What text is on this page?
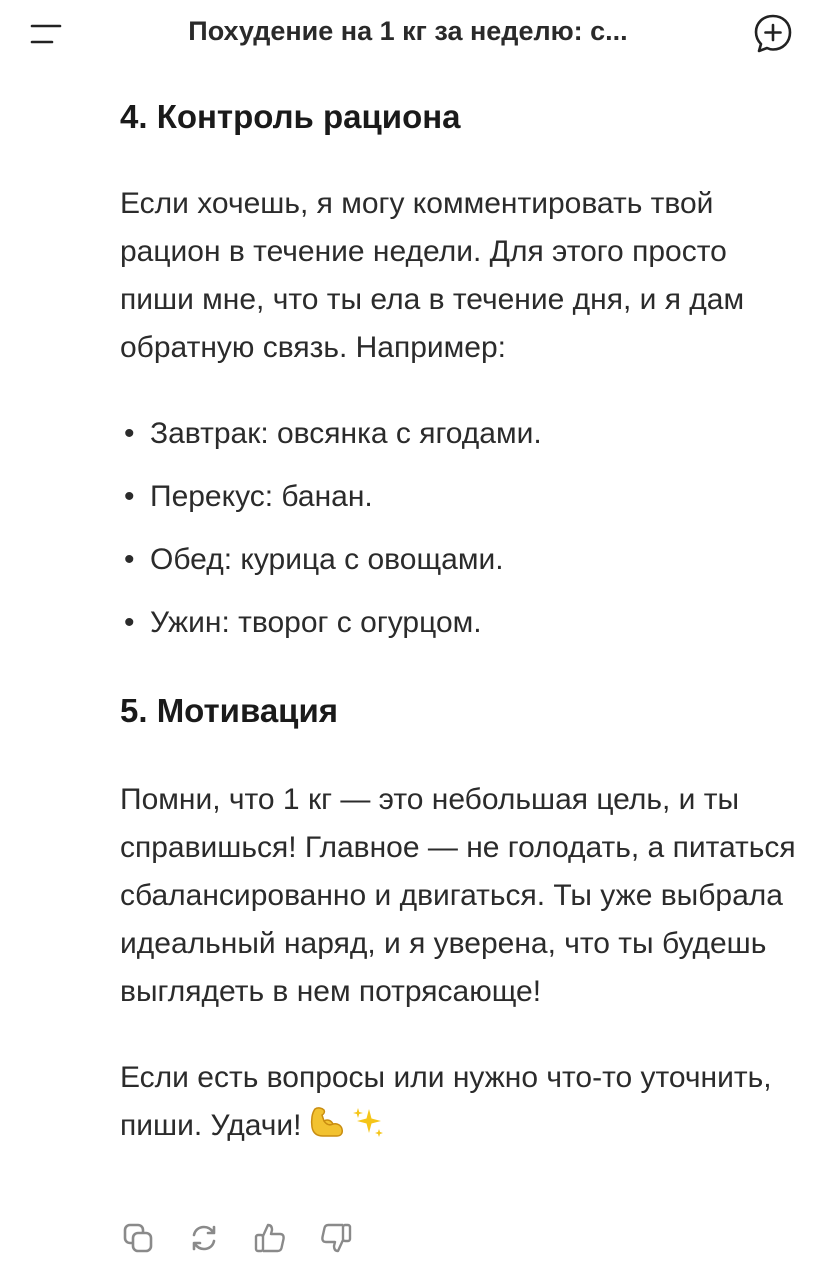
Похудение на 1 кг за неделю: с...
4. Контроль рациона

Если хочешь, я могу комментировать твой рацион в течение недели. Для этого просто пиши мне, что ты ела в течение дня, и я дам обратную связь. Например:

• Завтрак: овсянка с ягодами.
• Перекус: банан.
• Обед: курица с овощами.
• Ужин: творог с огурцом.
5. Мотивация

Помни, что 1 кг — это небольшая цель, и ты справишься! Главное — не голодать, а питаться сбалансированно и двигаться. Ты уже выбрала идеальный наряд, и я уверена, что ты будешь выглядеть в нем потрясающе!

Если есть вопросы или нужно что-то уточнить, пиши. Удачи!
